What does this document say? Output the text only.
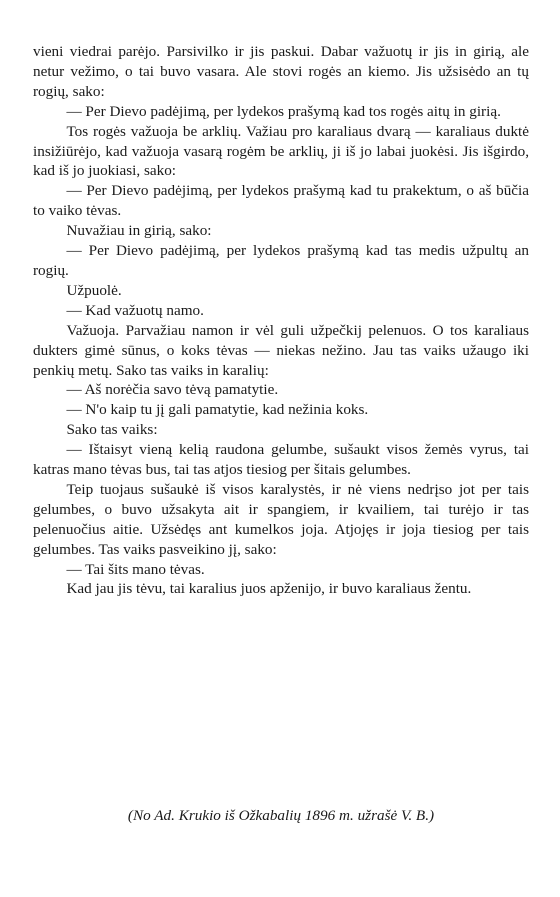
vieni viedrai parėjo. Parsivilko ir jis paskui. Dabar važuotų ir jis in girią, ale netur vežimo, o tai buvo vasara. Ale stovi rogės an kiemo. Jis užsisėdo an tų rogių, sako:

— Per Dievo padėjimą, per lydekos prašymą kad tos rogės aitų in girią.

Tos rogės važuoja be arklių. Važiau pro karaliaus dvarą — karaliaus duktė insižiūrėjo, kad važuoja vasarą rogėm be arklių, ji iš jo labai juokėsi. Jis išgirdo, kad iš jo juokiasi, sako:

— Per Dievo padėjimą, per lydekos prašymą kad tu prakektum, o aš būčia to vaiko tėvas.

Nuvažiau in girią, sako:

— Per Dievo padėjimą, per lydekos prašymą kad tas medis užpultų an rogių.

Užpuolė.

— Kad važuotų namo.

Važuoja. Parvažiau namon ir vėl guli užpečkij pelenuos. O tos karaliaus dukters gimė sūnus, o koks tėvas — niekas nežino. Jau tas vaiks užaugo iki penkių metų. Sako tas vaiks in karalių:

— Aš norėčia savo tėvą pamatytie.

— N'o kaip tu jį gali pamatytie, kad nežinia koks.

Sako tas vaiks:

— Ištaisyt vieną kelią raudona gelumbe, sušaukt visos žemės vyrus, tai katras mano tėvas bus, tai tas atjos tiesiog per šitais gelumbes.

Teip tuojaus sušaukė iš visos karalystės, ir nė viens nedrįso jot per tais gelumbes, o buvo užsakyta ait ir spangiem, ir kvailiem, tai turėjo ir tas pelenuočius aitie. Užsėdęs ant kumelkos joja. Atjojęs ir joja tiesiog per tais gelumbes. Tas vaiks pasveikino jį, sako:

— Tai šits mano tėvas.

Kad jau jis tėvu, tai karalius juos apženijo, ir buvo karaliaus žentu.

(No Ad. Krukio iš Ožkabalių 1896 m. užrašė V. B.)
